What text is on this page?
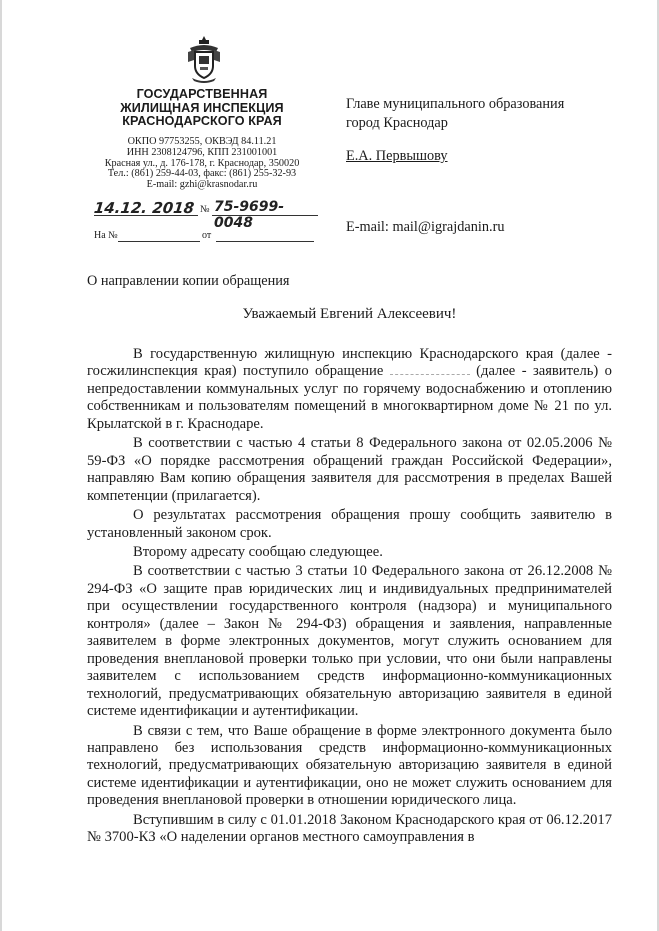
ГОСУДАРСТВЕННАЯ
ЖИЛИЩНАЯ ИНСПЕКЦИЯ
КРАСНОДАРСКОГО КРАЯ
ОКПО 97753255, ОКВЭД 84.11.21
ИНН 2308124796, КПП 231001001
Красная ул., д. 176-178, г. Краснодар, 350020
Тел.: (861) 259-44-03, факс: (861) 255-32-93
E-mail: gzhi@krasnodar.ru
14.12. 2018 № 75-9699-0048
На №	от
Главе муниципального образования
город Краснодар
Е.А. Первышову
E-mail: mail@igrajdanin.ru
О направлении копии обращения
Уважаемый Евгений Алексеевич!

В государственную жилищную инспекцию Краснодарского края (далее - госжилинспекция края) поступило обращение	(далее - заявитель) о непредоставлении коммунальных услуг по горячему водоснабжению и отоплению собственникам и пользователям помещений в многоквартирном доме № 21 по ул. Крылатской в г. Краснодаре.

В соответствии с частью 4 статьи 8 Федерального закона от 02.05.2006 № 59-ФЗ «О порядке рассмотрения обращений граждан Российской Федерации», направляю Вам копию обращения заявителя для рассмотрения в пределах Вашей компетенции (прилагается).

О результатах рассмотрения обращения прошу сообщить заявителю в установленный законом срок.

Второму адресату сообщаю следующее.

В соответствии с частью 3 статьи 10 Федерального закона от 26.12.2008 № 294-ФЗ «О защите прав юридических лиц и индивидуальных предпринимателей при осуществлении государственного контроля (надзора) и муниципального контроля» (далее – Закон № 294-ФЗ) обращения и заявления, направленные заявителем в форме электронных документов, могут служить основанием для проведения внеплановой проверки только при условии, что они были направлены заявителем с использованием средств информационно-коммуникационных технологий, предусматривающих обязательную авторизацию заявителя в единой системе идентификации и аутентификации.

В связи с тем, что Ваше обращение в форме электронного документа было направлено без использования средств информационно-коммуникационных технологий, предусматривающих обязательную авторизацию заявителя в единой системе идентификации и аутентификации, оно не может служить основанием для проведения внеплановой проверки в отношении юридического лица.

Вступившим в силу с 01.01.2018 Законом Краснодарского края от 06.12.2017 № 3700-КЗ «О наделении органов местного самоуправления в
